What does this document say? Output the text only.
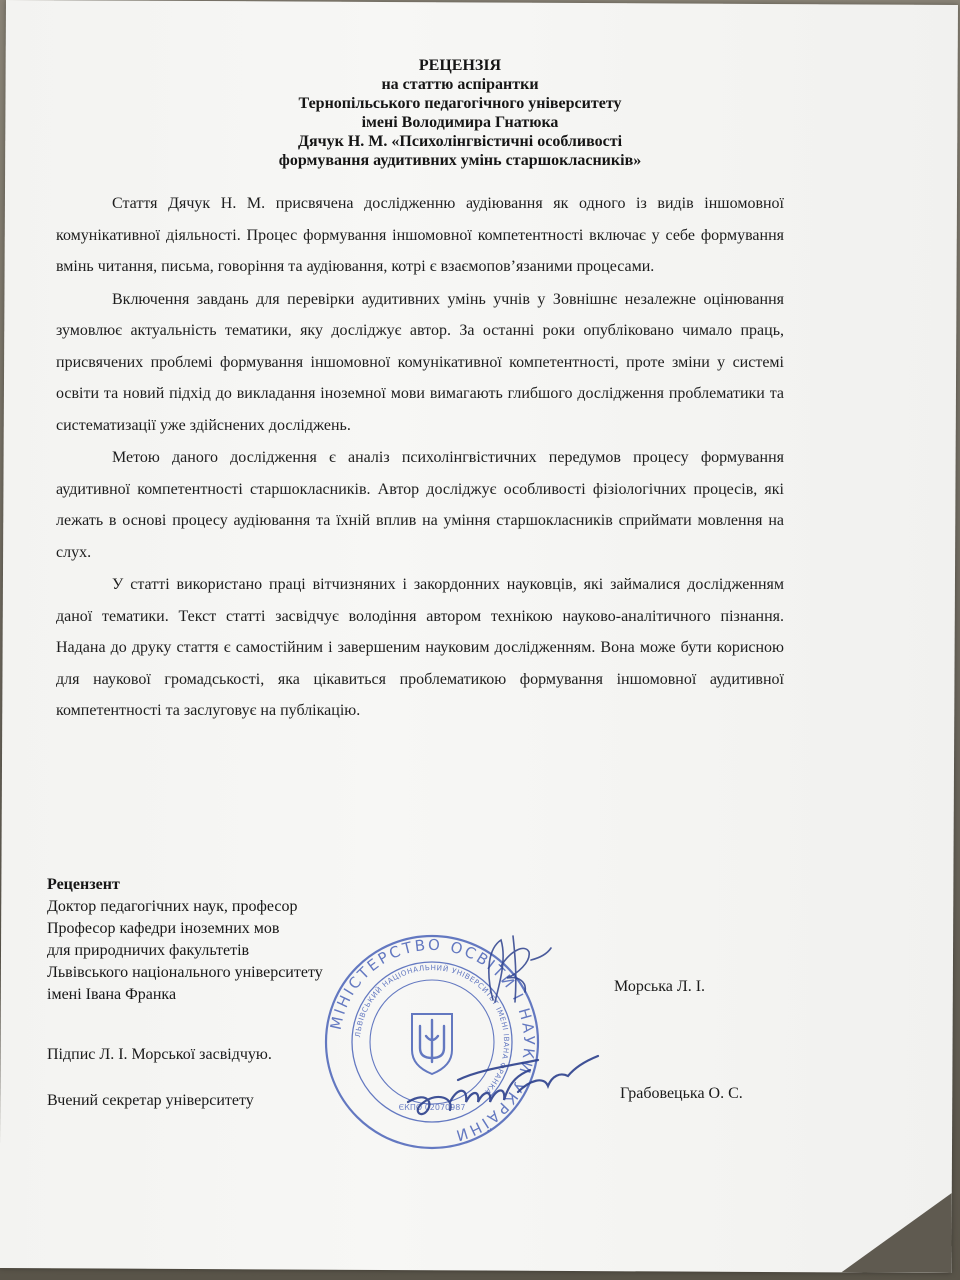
РЕЦЕНЗІЯ
на статтю аспірантки
Тернопільського педагогічного університету
імені Володимира Гнатюка
Дячук Н. М. «Психолінгвістичні особливості
формування аудитивних умінь старшокласників»

Стаття Дячук Н. М. присвячена дослідженню аудіювання як одного із видів іншомовної комунікативної діяльності. Процес формування іншомовної компетентності включає у себе формування вмінь читання, письма, говоріння та аудіювання, котрі є взаємопов’язаними процесами.

Включення завдань для перевірки аудитивних умінь учнів у Зовнішнє незалежне оцінювання зумовлює актуальність тематики, яку досліджує автор. За останні роки опубліковано чимало праць, присвячених проблемі формування іншомовної комунікативної компетентності, проте зміни у системі освіти та новий підхід до викладання іноземної мови вимагають глибшого дослідження проблематики та систематизації уже здійснених досліджень.

Метою даного дослідження є аналіз психолінгвістичних передумов процесу формування аудитивної компетентності старшокласників. Автор досліджує особливості фізіологічних процесів, які лежать в основі процесу аудіювання та їхній вплив на уміння старшокласників сприймати мовлення на слух.

У статті використано праці вітчизняних і закордонних науковців, які займалися дослідженням даної тематики. Текст статті засвідчує володіння автором технікою науково-аналітичного пізнання. Надана до друку стаття є самостійним і завершеним науковим дослідженням. Вона може бути корисною для наукової громадськості, яка цікавиться проблематикою формування іншомовної аудитивної компетентності та заслуговує на публікацію.

Рецензент
Доктор педагогічних наук, професор
Професор кафедри іноземних мов
для природничих факультетів
Львівського національного університету
імені Івана Франка	Морська Л. І.
Підпис Л. І. Морської засвідчую.
Вчений секретар університету	Грабовецька О. С.
МІНІСТЕРСТВО ОСВІТИ І НАУКИ УКРАЇНИ
ЛЬВІВСЬКИЙ НАЦІОНАЛЬНИЙ УНІВЕРСИТЕТ ІМЕНІ ІВАНА ФРАНКА
ЄКПО 02070987
